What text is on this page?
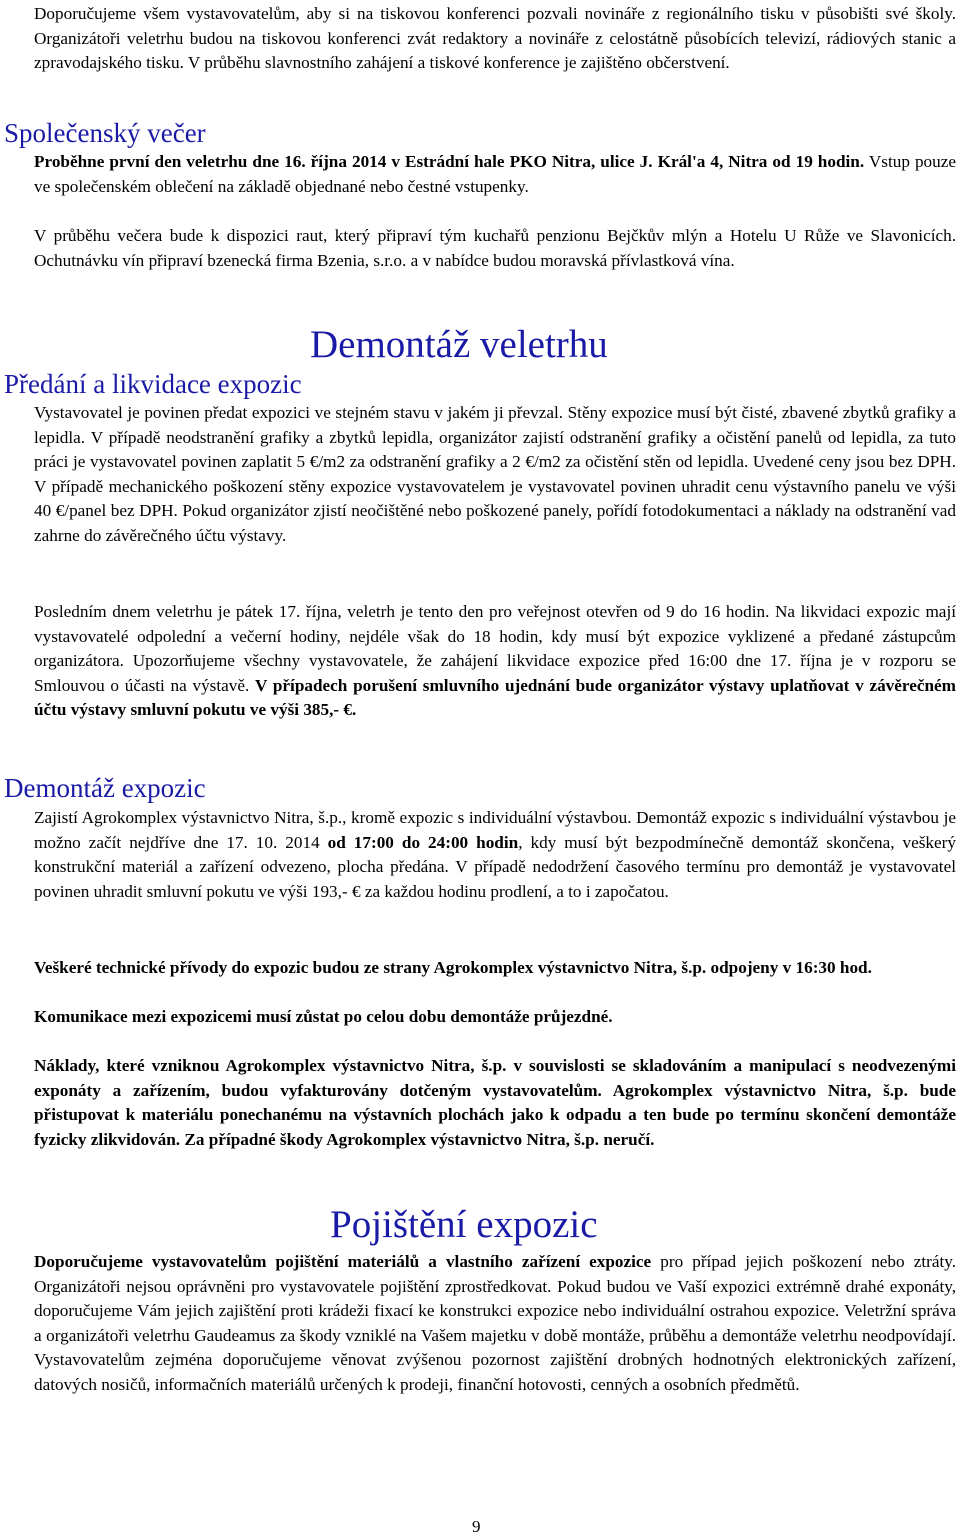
Doporučujeme všem vystavovatelům, aby si na tiskovou konferenci pozvali novináře z regionálního tisku v působišti své školy. Organizátoři veletrhu budou na tiskovou konferenci zvát redaktory a novináře z celostátně působících televizí, rádiových stanic a zpravodajského tisku. V průběhu slavnostního zahájení a tiskové konference je zajištěno občerstvení.

Společenský večer

Proběhne první den veletrhu dne 16. října 2014 v Estrádní hale PKO Nitra, ulice J. Král'a 4, Nitra od 19 hodin. Vstup pouze ve společenském oblečení na základě objednané nebo čestné vstupenky.

V průběhu večera bude k dispozici raut, který připraví tým kuchařů penzionu Bejčkův mlýn a Hotelu U Růže ve Slavonicích. Ochutnávku vín připraví bzenecká firma Bzenia, s.r.o. a v nabídce budou moravská přívlastková vína.

Demontáž veletrhu
Předání a likvidace expozic

Vystavovatel je povinen předat expozici ve stejném stavu v jakém ji převzal. Stěny expozice musí být čisté, zbavené zbytků grafiky a lepidla. V případě neodstranění grafiky a zbytků lepidla, organizátor zajistí odstranění grafiky a očistění panelů od lepidla, za tuto práci je vystavovatel povinen zaplatit 5 €/m2 za odstranění grafiky a 2 €/m2 za očistění stěn od lepidla. Uvedené ceny jsou bez DPH. V případě mechanického poškození stěny expozice vystavovatelem je vystavovatel povinen uhradit cenu výstavního panelu ve výši 40 €/panel bez DPH. Pokud organizátor zjistí neočištěné nebo poškozené panely, pořídí fotodokumentaci a náklady na odstranění vad zahrne do závěrečného účtu výstavy.

Posledním dnem veletrhu je pátek 17. října, veletrh je tento den pro veřejnost otevřen od 9 do 16 hodin. Na likvidaci expozic mají vystavovatelé odpolední a večerní hodiny, nejdéle však do 18 hodin, kdy musí být expozice vyklizené a předané zástupcům organizátora. Upozorňujeme všechny vystavovatele, že zahájení likvidace expozice před 16:00 dne 17. října je v rozporu se Smlouvou o účasti na výstavě. V případech porušení smluvního ujednání bude organizátor výstavy uplatňovat v závěrečném účtu výstavy smluvní pokutu ve výši 385,- €.

Demontáž expozic

Zajistí Agrokomplex výstavnictvo Nitra, š.p., kromě expozic s individuální výstavbou. Demontáž expozic s individuální výstavbou je možno začít nejdříve dne 17. 10. 2014 od 17:00 do 24:00 hodin, kdy musí být bezpodmínečně demontáž skončena, veškerý konstrukční materiál a zařízení odvezeno, plocha předána. V případě nedodržení časového termínu pro demontáž je vystavovatel povinen uhradit smluvní pokutu ve výši 193,- € za každou hodinu prodlení, a to i započatou.

Veškeré technické přívody do expozic budou ze strany Agrokomplex výstavnictvo Nitra, š.p. odpojeny v 16:30 hod.

Komunikace mezi expozicemi musí zůstat po celou dobu demontáže průjezdné.

Náklady, které vzniknou Agrokomplex výstavnictvo Nitra, š.p. v souvislosti se skladováním a manipulací s neodvezenými exponáty a zařízením, budou vyfakturovány dotčeným vystavovatelům. Agrokomplex výstavnictvo Nitra, š.p. bude přistupovat k materiálu ponechanému na výstavních plochách jako k odpadu a ten bude po termínu skončení demontáže fyzicky zlikvidován. Za případné škody Agrokomplex výstavnictvo Nitra, š.p. neručí.

Pojištění expozic

Doporučujeme vystavovatelům pojištění materiálů a vlastního zařízení expozice pro případ jejich poškození nebo ztráty. Organizátoři nejsou oprávněni pro vystavovatele pojištění zprostředkovat. Pokud budou ve Vaší expozici extrémně drahé exponáty, doporučujeme Vám jejich zajištění proti krádeži fixací ke konstrukci expozice nebo individuální ostrahou expozice. Veletržní správa a organizátoři veletrhu Gaudeamus za škody vzniklé na Vašem majetku v době montáže, průběhu a demontáže veletrhu neodpovídají. Vystavovatelům zejména doporučujeme věnovat zvýšenou pozornost zajištění drobných hodnotných elektronických zařízení, datových nosičů, informačních materiálů určených k prodeji, finanční hotovosti, cenných a osobních předmětů.

9
